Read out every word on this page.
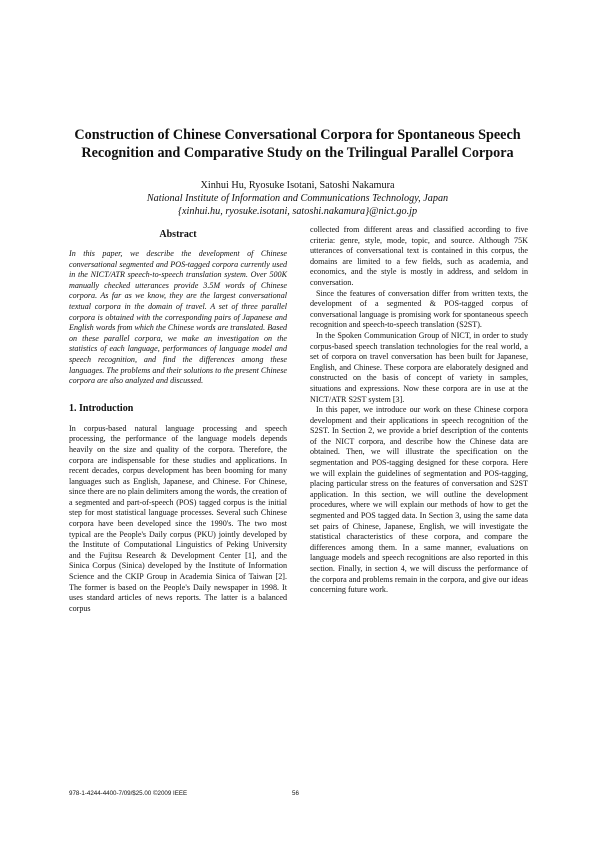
Construction of Chinese Conversational Corpora for Spontaneous Speech
Recognition and Comparative Study on the Trilingual Parallel Corpora
Xinhui Hu, Ryosuke Isotani, Satoshi Nakamura
National Institute of Information and Communications Technology, Japan
{xinhui.hu, ryosuke.isotani, satoshi.nakamura}@nict.go.jp
Abstract

In this paper, we describe the development of Chinese conversational segmented and POS-tagged corpora currently used in the NICT/ATR speech-to-speech translation system. Over 500K manually checked utterances provide 3.5M words of Chinese corpora. As far as we know, they are the largest conversational textual corpora in the domain of travel. A set of three parallel corpora is obtained with the corresponding pairs of Japanese and English words from which the Chinese words are translated. Based on these parallel corpora, we make an investigation on the statistics of each language, performances of language model and speech recognition, and find the differences among these languages. The problems and their solutions to the present Chinese corpora are also analyzed and discussed.

1. Introduction

In corpus-based natural language processing and speech processing, the performance of the language models depends heavily on the size and quality of the corpora. Therefore, the corpora are indispensable for these studies and applications. In recent decades, corpus development has been booming for many languages such as English, Japanese, and Chinese. For Chinese, since there are no plain delimiters among the words, the creation of a segmented and part-of-speech (POS) tagged corpus is the initial step for most statistical language processes. Several such Chinese corpora have been developed since the 1990's. The two most typical are the People's Daily corpus (PKU) jointly developed by the Institute of Computational Linguistics of Peking University and the Fujitsu Research & Development Center [1], and the Sinica Corpus (Sinica) developed by the Institute of Information Science and the CKIP Group in Academia Sinica of Taiwan [2]. The former is based on the People's Daily newspaper in 1998. It uses standard articles of news reports. The latter is a balanced corpus

collected from different areas and classified according to five criteria: genre, style, mode, topic, and source. Although 75K utterances of conversational text is contained in this corpus, the domains are limited to a few fields, such as academia, and economics, and the style is mostly in address, and seldom in conversation.

Since the features of conversation differ from written texts, the development of a segmented & POS-tagged corpus of conversational language is promising work for spontaneous speech recognition and speech-to-speech translation (S2ST).

In the Spoken Communication Group of NICT, in order to study corpus-based speech translation technologies for the real world, a set of corpora on travel conversation has been built for Japanese, English, and Chinese. These corpora are elaborately designed and constructed on the basis of concept of variety in samples, situations and expressions. Now these corpora are in use at the NICT/ATR S2ST system [3].

In this paper, we introduce our work on these Chinese corpora development and their applications in speech recognition of the S2ST. In Section 2, we provide a brief description of the contents of the NICT corpora, and describe how the Chinese data are obtained. Then, we will illustrate the specification on the segmentation and POS-tagging designed for these corpora. Here we will explain the guidelines of segmentation and POS-tagging, placing particular stress on the features of conversation and S2ST application. In this section, we will outline the development procedures, where we will explain our methods of how to get the segmented and POS tagged data. In Section 3, using the same data set pairs of Chinese, Japanese, English, we will investigate the statistical characteristics of these corpora, and compare the differences among them. In a same manner, evaluations on language models and speech recognitions are also reported in this section. Finally, in section 4, we will discuss the performance of the corpora and problems remain in the corpora, and give our ideas concerning future work.

978-1-4244-4400-7/09/$25.00 ©2009 IEEE	56
